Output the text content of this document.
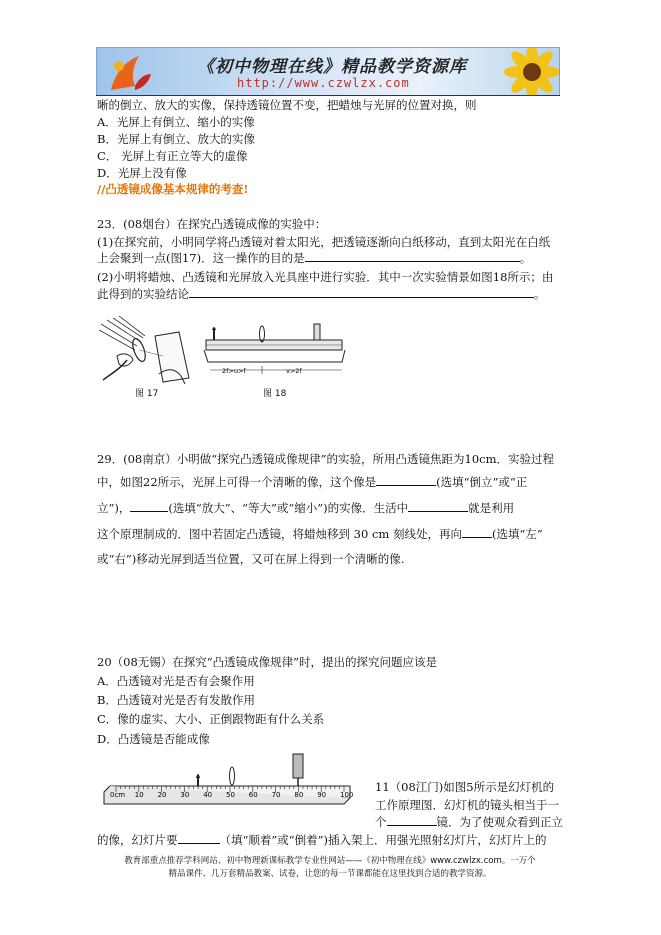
《初中物理在线》精品教学资源库
http://www.czwlzx.com
晰的倒立、放大的实像，保持透镜位置不变，把蜡烛与光屏的位置对换，则
A．光屏上有倒立、缩小的实像
B．光屏上有倒立、放大的实像
C． 光屏上有正立等大的虚像
D．光屏上没有像
//凸透镜成像基本规律的考查!
23．(08烟台）在探究凸透镜成像的实验中：
(1)在探究前，小明同学将凸透镜对着太阳光，把透镜逐渐向白纸移动，直到太阳光在白纸
上会聚到一点(图17)．这一操作的目的是	。
(2)小明将蜡烛、凸透镜和光屏放入光具座中进行实验．其中一次实验情景如图18所示；由
此得到的实验结论	。
图 17
2f>u>f	v>2f
图 18
29．(08南京）小明做“探究凸透镜成像规律”的实验，所用凸透镜焦距为10cm．实验过程
中，如图22所示，光屏上可得一个清晰的像，这个像是	(选填“倒立”或“正
立”)，	(选填“放大”、“等大”或“缩小”)的实像．生活中	就是利用
这个原理制成的．图中若固定凸透镜，将蜡烛移到 30 cm 刻线处，再向	(选填“左”
或“右”)移动光屏到适当位置，又可在屏上得到一个清晰的像.
20（08无锡）在探究“凸透镜成像规律”时，提出的探究问题应该是
A．凸透镜对光是否有会聚作用
B．凸透镜对光是否有发散作用
C．像的虚实、大小、正倒跟物距有什么关系
D．凸透镜是否能成像
0cm 10 20 30 40 50 60 70 80 90 100
11（08江门)如图5所示是幻灯机的
工作原理图．幻灯机的镜头相当于一
个	镜．为了使观众看到正立
的像，幻灯片要	（填“顺着”或“倒着”)插入架上．用强光照射幻灯片，幻灯片上的
教育部重点推荐学科网站、初中物理新课标教学专业性网站——《初中物理在线》www.czwlzx.com。一万个
精品课件、几万套精品教案、试卷，让您的每一节课都能在这里找到合适的教学资源。
